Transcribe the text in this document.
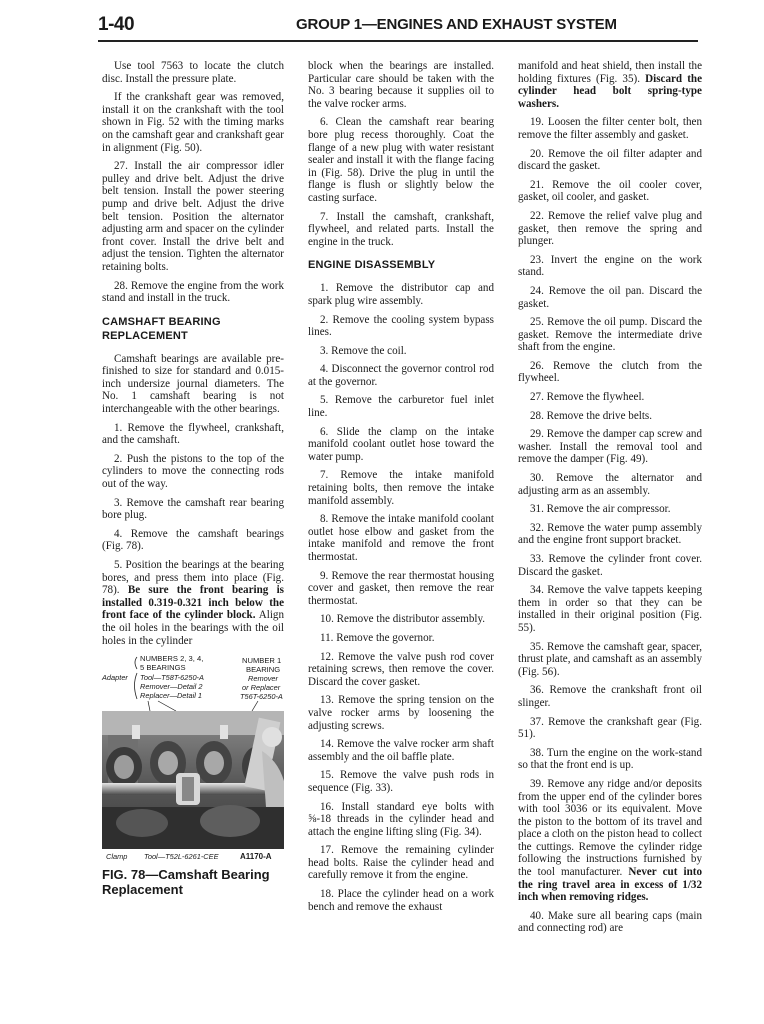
1-40	GROUP 1—ENGINES AND EXHAUST SYSTEM

Use tool 7563 to locate the clutch disc. Install the pressure plate.

If the crankshaft gear was removed, install it on the crankshaft with the tool shown in Fig. 52 with the timing marks on the camshaft gear and crankshaft gear in alignment (Fig. 50).

27. Install the air compressor idler pulley and drive belt. Adjust the drive belt tension. Install the power steering pump and drive belt. Adjust the drive belt tension. Position the alternator adjusting arm and spacer on the cylinder front cover. Install the drive belt and adjust the tension. Tighten the alternator retaining bolts.

28. Remove the engine from the work stand and install in the truck.

CAMSHAFT BEARING REPLACEMENT

Camshaft bearings are available pre-finished to size for standard and 0.015-inch undersize journal diameters. The No. 1 camshaft bearing is not interchangeable with the other bearings.

1. Remove the flywheel, crankshaft, and the camshaft.

2. Push the pistons to the top of the cylinders to move the connecting rods out of the way.

3. Remove the camshaft rear bearing bore plug.

4. Remove the camshaft bearings (Fig. 78).

5. Position the bearings at the bearing bores, and press them into place (Fig. 78). Be sure the front bearing is installed 0.319-0.321 inch below the front face of the cylinder block. Align the oil holes in the bearings with the oil holes in the cylinder

NUMBERS 2, 3, 4,
5 BEARINGS
Adapter Tool—T58T-6250-A
Remover—Detail 2
Replacer—Detail 1
NUMBER 1
BEARING
Remover
or Replacer
T56T-6250-A
Clamp Tool—T52L-6261-CEE	A1170-A
FIG. 78—Camshaft Bearing
Replacement

block when the bearings are installed. Particular care should be taken with the No. 3 bearing because it supplies oil to the valve rocker arms.

6. Clean the camshaft rear bearing bore plug recess thoroughly. Coat the flange of a new plug with water resistant sealer and install it with the flange facing in (Fig. 58). Drive the plug in until the flange is flush or slightly below the casting surface.

7. Install the camshaft, crankshaft, flywheel, and related parts. Install the engine in the truck.

ENGINE DISASSEMBLY

1. Remove the distributor cap and spark plug wire assembly.

2. Remove the cooling system bypass lines.

3. Remove the coil.

4. Disconnect the governor control rod at the governor.

5. Remove the carburetor fuel inlet line.

6. Slide the clamp on the intake manifold coolant outlet hose toward the water pump.

7. Remove the intake manifold retaining bolts, then remove the intake manifold assembly.

8. Remove the intake manifold coolant outlet hose elbow and gasket from the intake manifold and remove the front thermostat.

9. Remove the rear thermostat housing cover and gasket, then remove the rear thermostat.

10. Remove the distributor assembly.

11. Remove the governor.

12. Remove the valve push rod cover retaining screws, then remove the cover. Discard the cover gasket.

13. Remove the spring tension on the valve rocker arms by loosening the adjusting screws.

14. Remove the valve rocker arm shaft assembly and the oil baffle plate.

15. Remove the valve push rods in sequence (Fig. 33).

16. Install standard eye bolts with ⅝-18 threads in the cylinder head and attach the engine lifting sling (Fig. 34).

17. Remove the remaining cylinder head bolts. Raise the cylinder head and carefully remove it from the engine.

18. Place the cylinder head on a work bench and remove the exhaust

manifold and heat shield, then install the holding fixtures (Fig. 35). Discard the cylinder head bolt spring-type washers.

19. Loosen the filter center bolt, then remove the filter assembly and gasket.

20. Remove the oil filter adapter and discard the gasket.

21. Remove the oil cooler cover, gasket, oil cooler, and gasket.

22. Remove the relief valve plug and gasket, then remove the spring and plunger.

23. Invert the engine on the work stand.

24. Remove the oil pan. Discard the gasket.

25. Remove the oil pump. Discard the gasket. Remove the intermediate drive shaft from the engine.

26. Remove the clutch from the flywheel.

27. Remove the flywheel.

28. Remove the drive belts.

29. Remove the damper cap screw and washer. Install the removal tool and remove the damper (Fig. 49).

30. Remove the alternator and adjusting arm as an assembly.

31. Remove the air compressor.

32. Remove the water pump assembly and the engine front support bracket.

33. Remove the cylinder front cover. Discard the gasket.

34. Remove the valve tappets keeping them in order so that they can be installed in their original position (Fig. 55).

35. Remove the camshaft gear, spacer, thrust plate, and camshaft as an assembly (Fig. 56).

36. Remove the crankshaft front oil slinger.

37. Remove the crankshaft gear (Fig. 51).

38. Turn the engine on the work-stand so that the front end is up.

39. Remove any ridge and/or deposits from the upper end of the cylinder bores with tool 3036 or its equivalent. Move the piston to the bottom of its travel and place a cloth on the piston head to collect the cuttings. Remove the cylinder ridge following the instructions furnished by the tool manufacturer. Never cut into the ring travel area in excess of 1/32 inch when removing ridges.

40. Make sure all bearing caps (main and connecting rod) are
